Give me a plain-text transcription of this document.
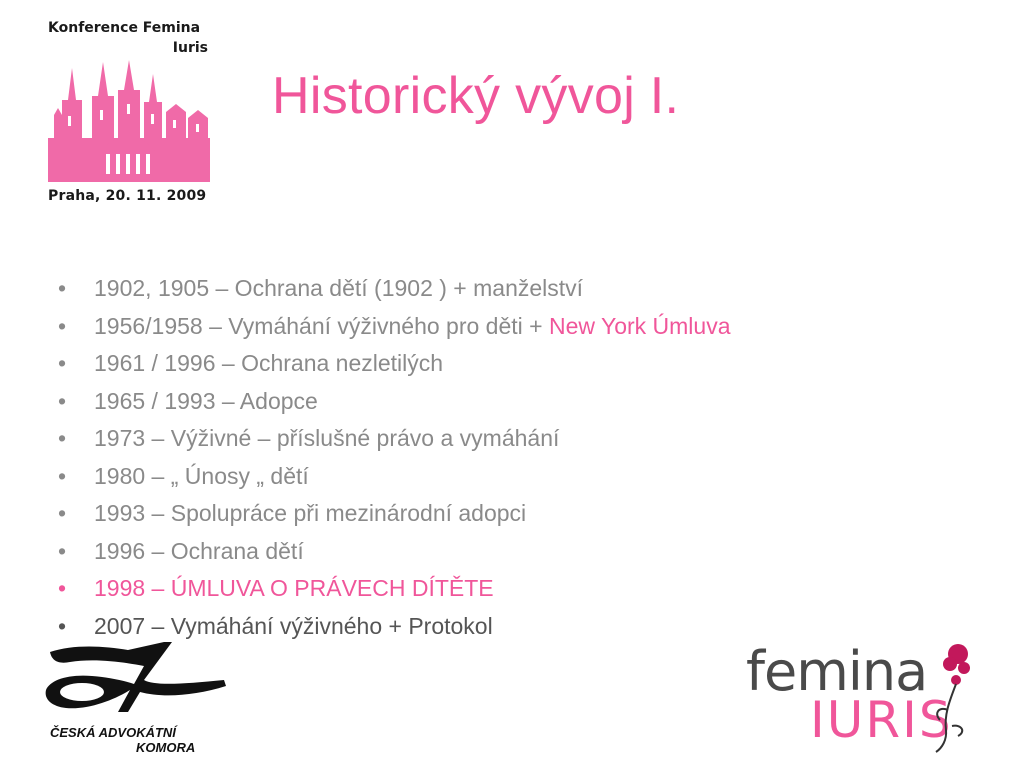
Konference Femina
Iuris
Praha, 20. 11. 2009
Historický vývoj I.
• 1902, 1905 – Ochrana dětí (1902 ) + manželství
• 1956/1958 – Vymáhání výživného pro děti + New York Úmluva
• 1961 / 1996 – Ochrana nezletilých
• 1965 / 1993 – Adopce
• 1973 – Výživné – příslušné právo a vymáhání
• 1980 – „ Únosy „ dětí
• 1993 – Spolupráce při mezinárodní adopci
• 1996 – Ochrana dětí
• 1998 – ÚMLUVA O PRÁVECH DÍTĚTE
• 2007 – Vymáhání výživného + Protokol
ČESKÁ ADVOKÁTNÍ
KOMORA
femina
IURIS
